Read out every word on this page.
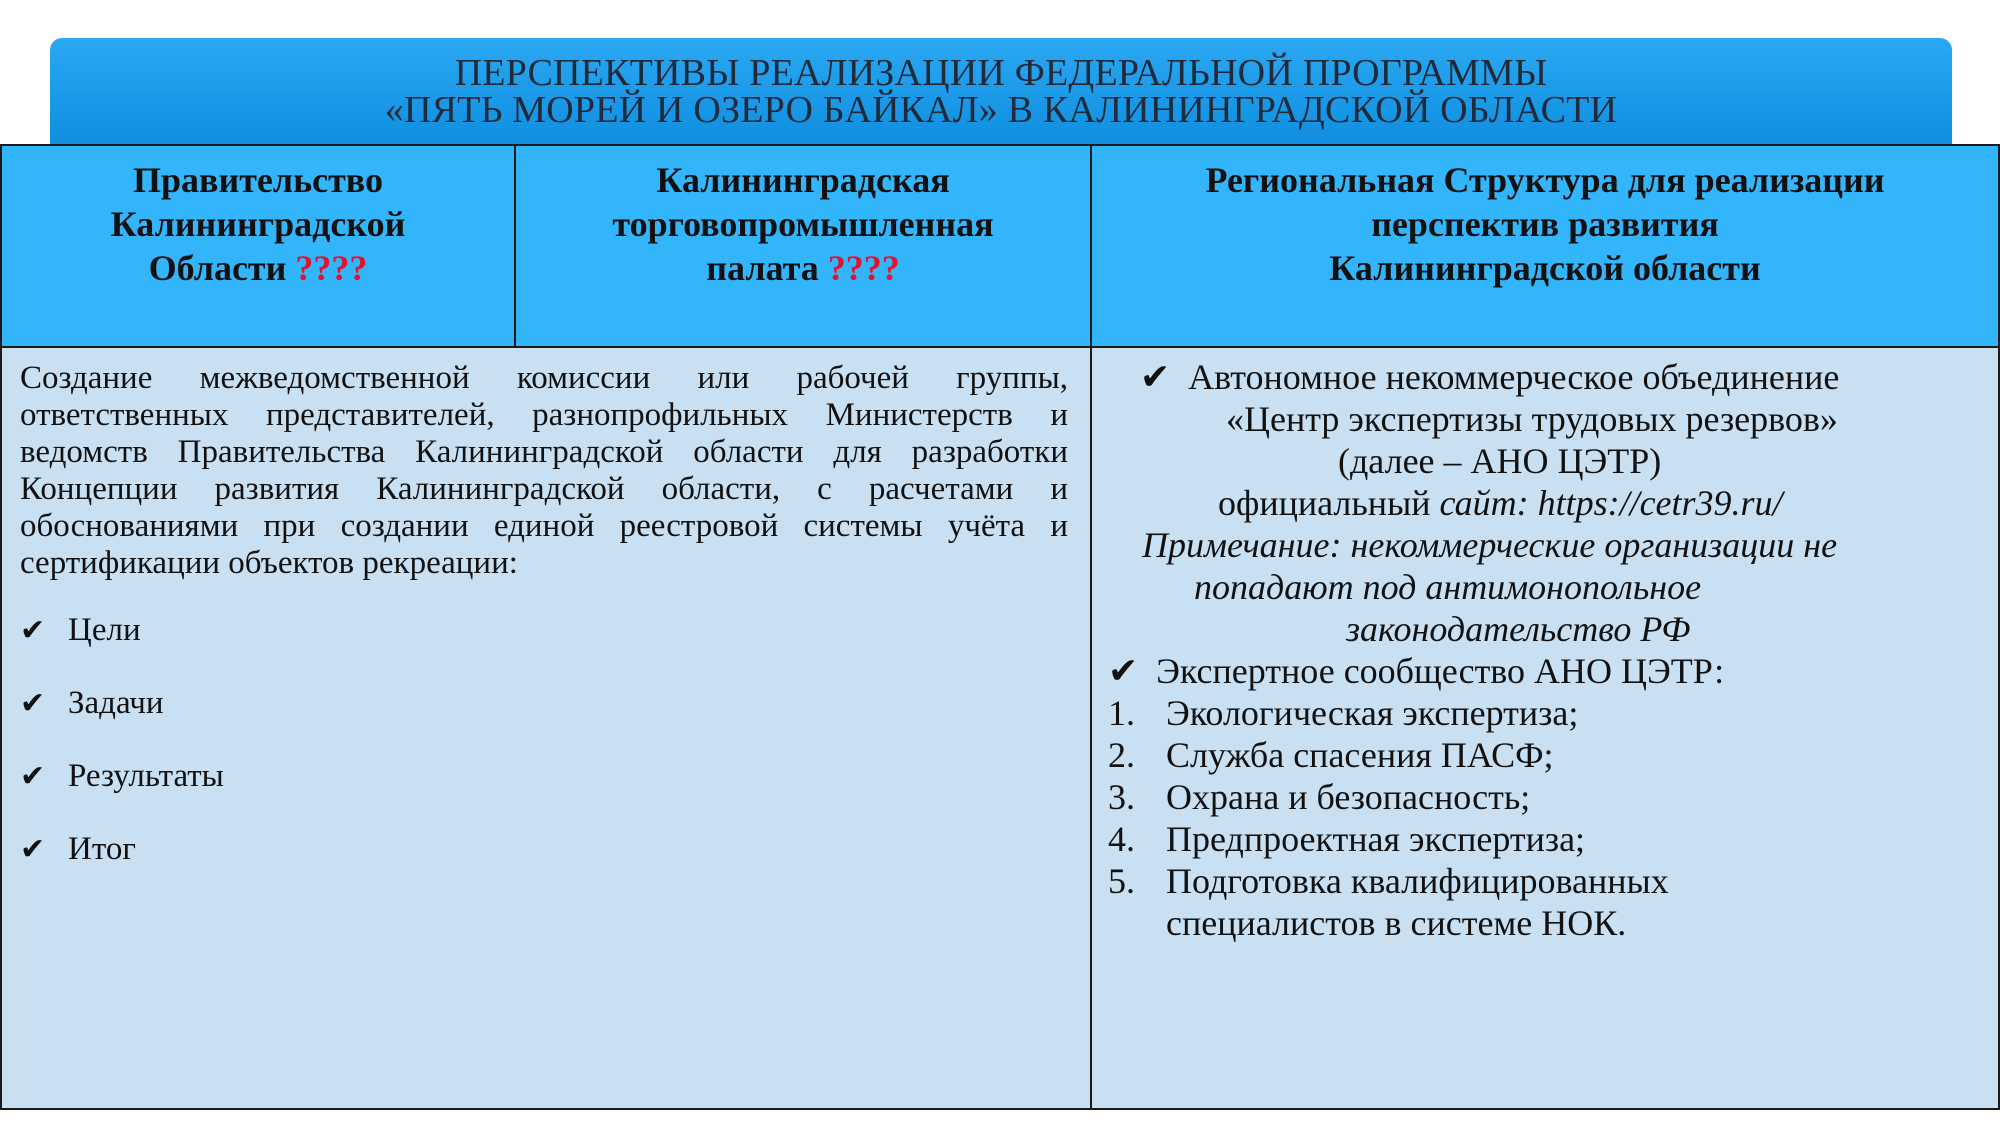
ПЕРСПЕКТИВЫ РЕАЛИЗАЦИИ ФЕДЕРАЛЬНОЙ ПРОГРАММЫ
«ПЯТЬ МОРЕЙ И ОЗЕРО БАЙКАЛ» В КАЛИНИНГРАДСКОЙ ОБЛАСТИ
Правительство
Калининградской
Области ????
Калининградская
торговопромышленная
палата ????
Региональная Структура для реализации
перспектив развития
Калининградской области
Создание межведомственной комиссии или рабочей группы, ответственных представителей, разнопрофильных Министерств и ведомств Правительства Калининградской области для разработки Концепции развития Калининградской области, с расчетами и обоснованиями при создании единой реестровой системы учёта и сертификации объектов рекреации:
✔ Цели
✔ Задачи
✔ Результаты
✔ Итог
✔ Автономное некоммерческое объединение
«Центр экспертизы трудовых резервов»
(далее – АНО ЦЭТР)
официальный сайт: https://cetr39.ru/
Примечание: некоммерческие организации не
попадают под антимонопольное
законодательство РФ
✔ Экспертное сообщество АНО ЦЭТР:
1. Экологическая экспертиза;
2. Служба спасения ПАСФ;
3. Охрана и безопасность;
4. Предпроектная экспертиза;
5. Подготовка квалифицированных
специалистов в системе НОК.
